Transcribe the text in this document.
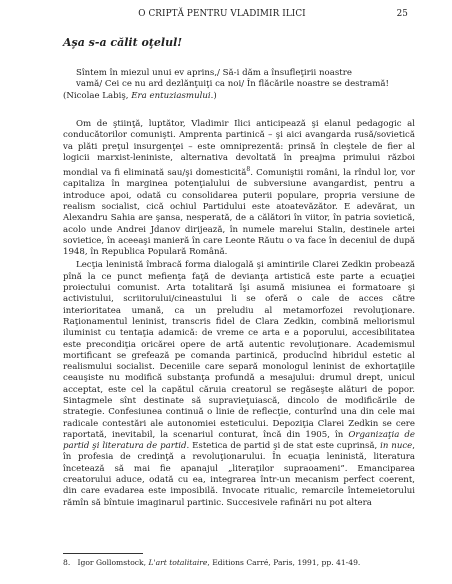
O CRIPTĂ PENTRU VLADIMIR ILICI	25
Aşa s-a călit oţelul!
Sîntem în miezul unui ev aprins,/ Să-i dăm a însufleţirii noastre
vamă/ Cei ce nu ard dezlănţuiţi ca noi/ În flăcările noastre se destramă!
(Nicolae Labiş, Era entuziasmului.)

Om de ştiinţă, luptător, Vladimir Ilici anticipează şi elanul pedagogic al conducătorilor comunişti. Amprenta partinică – şi aici avangarda rusă/sovietică va plăti preţul insurgenţei – este omniprezentă: prinsă în cleştele de fier al logicii marxist-leniniste, alternativa devoltată în preajma primului război mondial va fi eliminată sau/şi domesticită$^8$. Comuniştii români, la rîndul lor, vor capitaliza în marginea potenţialului de subversiune avangardist, pentru a introduce apoi, odată cu consolidarea puterii populare, propria versiune de realism socialist, cică ochiul Partidului este atoatevăzător. E adevărat, un Alexandru Sahia are şansa, nesperată, de a călători în viitor, în patria sovietică, acolo unde Andrei Jdanov dirijează, în numele marelui Stalin, destinele artei sovietice, în aceeaşi manieră în care Leonte Răutu o va face în deceniul de după 1948, în Republica Populară Română.

Lecţia leninistă îmbracă forma dialogală şi amintirile Clarei Zedkin probează pînă la ce punct mefienţa faţă de devianţa artistică este parte a ecuaţiei proiectului comunist. Arta totalitară îşi asumă misiunea ei formatoare şi activistului, scriitorului/cineastului li se oferă o cale de acces către interioritatea umană, ca un preludiu al metamorfozei revoluţionare. Raţionamentul leninist, transcris fidel de Clara Zedkin, combină meliorismul iluminist cu tentaţia adamică: de vreme ce arta e a poporului, accesibilitatea este precondiţia oricărei opere de artă autentic revoluţionare. Academismul mortificant se grefează pe comanda partinică, producînd hibridul estetic al realismului socialist. Deceniile care separă monologul leninist de exhortaţiile ceauşiste nu modifică substanţa profundă a mesajului: drumul drept, unicul acceptat, este cel la capătul căruia creatorul se regăseşte alături de popor. Sintagmele sînt destinate să supravieţuiască, dincolo de modificările de strategie. Confesiunea continuă o linie de reflecţie, conturînd una din cele mai radicale contestări ale autonomiei esteticului. Depoziţia Clarei Zedkin se cere raportată, inevitabil, la scenariul conturat, încă din 1905, în Organizaţia de partid şi literatura de partid. Estetica de partid şi de stat este cuprinsă, in nuce, în profesia de credinţă a revoluţionarului. În ecuaţia leninistă, literatura încetează să mai fie apanajul „literaţilor supraoameni”. Emanciparea creatorului aduce, odată cu ea, integrarea într-un mecanism perfect coerent, din care evadarea este imposibilă. Invocate ritualic, remarcile întemeietorului rămîn să bîntuie imaginarul partinic. Succesivele rafinări nu pot altera

8. Igor Gollomstock, L'art totalitaire, Editions Carré, Paris, 1991, pp. 41-49.
